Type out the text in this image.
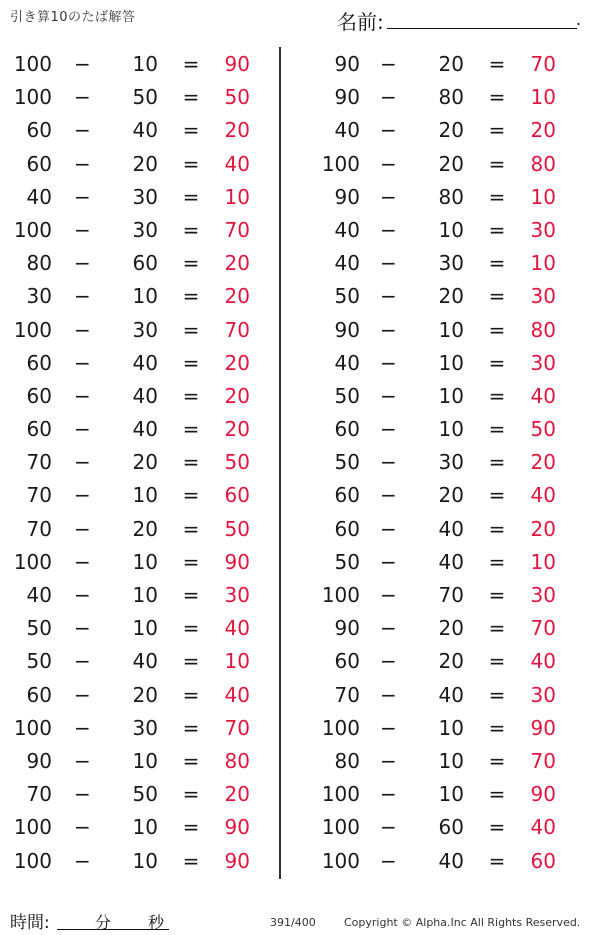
引き算10のたば解答	名前:	.
100 −	10 =	90
100 −	50 =	50
60 −	40 =	20
60 −	20 =	40
40 −	30 =	10
100 −	30 =	70
80 −	60 =	20
30 −	10 =	20
100 −	30 =	70
60 −	40 =	20
60 −	40 =	20
60 −	40 =	20
70 −	20 =	50
70 −	10 =	60
70 −	20 =	50
100 −	10 =	90
40 −	10 =	30
50 −	10 =	40
50 −	40 =	10
60 −	20 =	40
100 −	30 =	70
90 −	10 =	80
70 −	50 =	20
100 −	10 =	90
100 −	10 =	90
90 −	20 =	70
90 −	80 =	10
40 −	20 =	20
100 −	20 =	80
90 −	80 =	10
40 −	10 =	30
40 −	30 =	10
50 −	20 =	30
90 −	10 =	80
40 −	10 =	30
50 −	10 =	40
60 −	10 =	50
50 −	30 =	20
60 −	20 =	40
60 −	40 =	20
50 −	40 =	10
100 −	70 =	30
90 −	20 =	70
60 −	20 =	40
70 −	40 =	30
100 −	10 =	90
80 −	10 =	70
100 −	10 =	90
100 −	60 =	40
100 −	40 =	60
時間:	分 秒	391/400	Copyright © Alpha.Inc All Rights Reserved.
